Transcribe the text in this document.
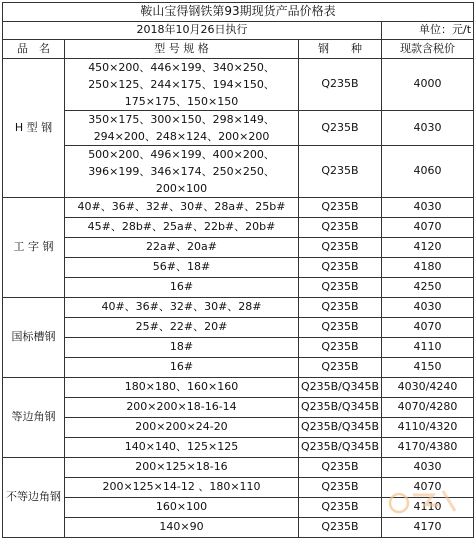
鞍山宝得钢铁第93期现货产品价格表			
2018年10月26日执行			单位：元/t
品　名	型 号 规 格	钢　　种	现款含税价
H 型 钢	450×200、446×199、340×250、
250×125、244×175、194×150、
175×175、150×150	Q235B	4000

	350×175、300×150、298×149、
294×200、248×124、200×200	Q235B	4030

	500×200、496×199、400×200、
396×199、346×174、250×250、
200×100	Q235B	4060
工 字 钢	40#、36#、32#、30#、28a#、25b#	Q235B	4030

	45#、28b#、25a#、22b#、20b#	Q235B	4070

	22a#、20a#	Q235B	4120

	56#、18#	Q235B	4180

	16#	Q235B	4250
国标槽钢	40#、36#、32#、30#、28#	Q235B	4030

	25#、22#、20#	Q235B	4070

	18#	Q235B	4110

	16#	Q235B	4150
等边角钢	180×180、160×160	Q235B/Q345B	4030/4240

	200×200×18-16-14	Q235B/Q345B	4070/4280

	200×200×24-20	Q235B/Q345B	4110/4320

	140×140、125×125	Q235B/Q345B	4170/4380
不等边角钢	200×125×18-16	Q235B	4030

	200×125×14-12 、180×110	Q235B	4070

	160×100	Q235B	4110

	140×90	Q235B	4170
